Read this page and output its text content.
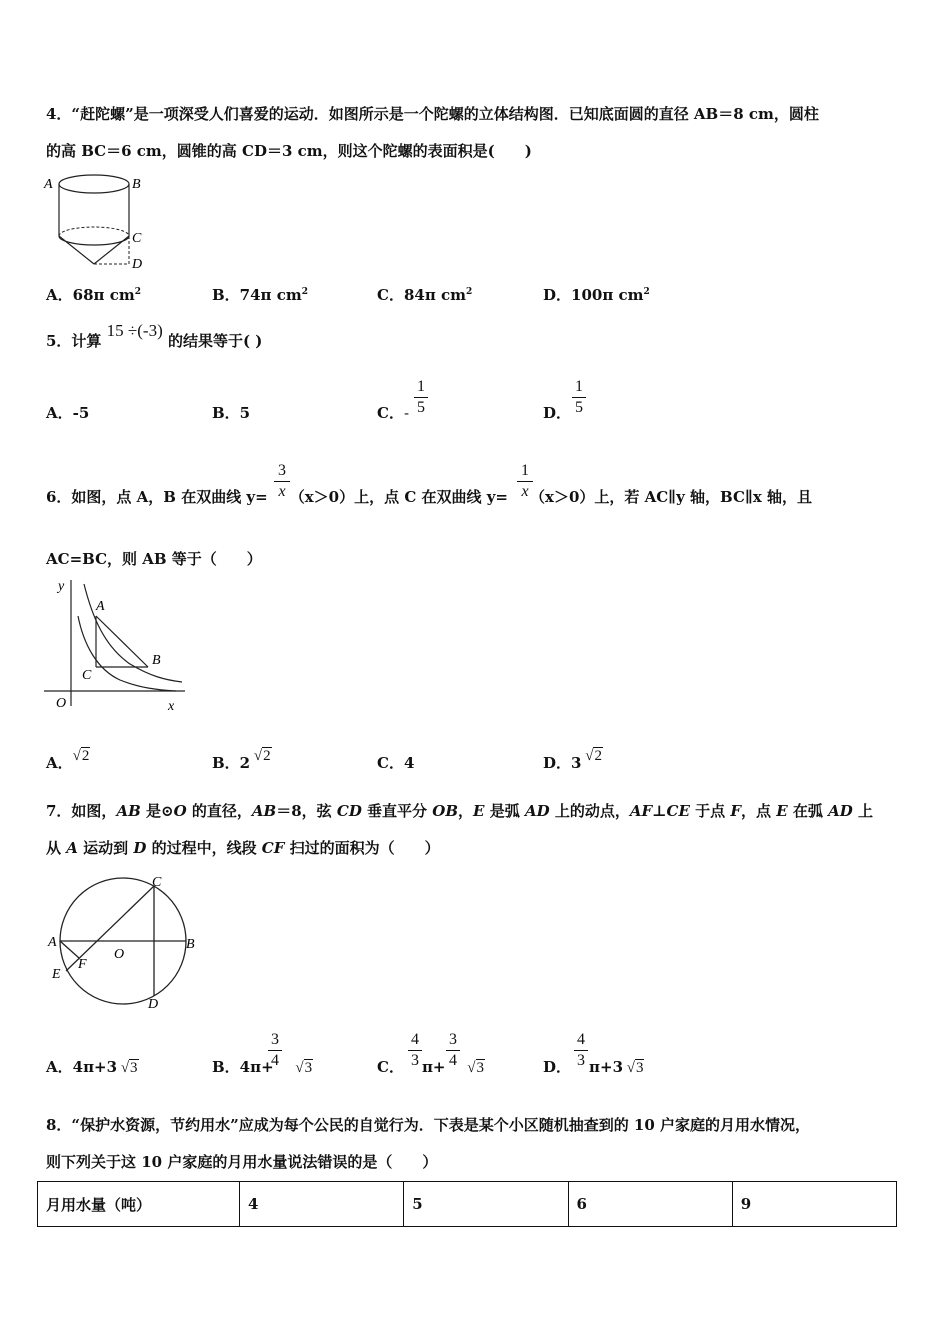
4．“赶陀螺”是一项深受人们喜爱的运动．如图所示是一个陀螺的立体结构图．已知底面圆的直径 AB＝8 cm，圆柱
的高 BC＝6 cm，圆锥的高 CD＝3 cm，则这个陀螺的表面积是(　　)
A	B
C
D
A．68π $cm^2$	B．74π $cm^2$	C．84π $cm^2$	D．100π $cm^2$
5．计算 15 ÷(-3) 的结果等于( )
A．-5	B．5	C．- $\frac{1}{5}$	D． $\frac{1}{5}$
6．如图，点 A，B 在双曲线 y= （x＞0）上，点 C 在双曲线 y= （x＞0）上，若 AC∥y 轴，BC∥x 轴，且
$\frac{3}{x}$	$\frac{1}{x}$
AC=BC，则 AB 等于（　　）
y
A
B
C
O	x
A．√2	B．2 √2	C．4	D．3 √2
7．如图，AB 是⊙O 的直径，AB＝8，弦 CD 垂直平分 OB，E 是弧 AD 上的动点，AF⊥CE 于点 F，点 E 在弧 AD 上
从 A 运动到 D 的过程中，线段 CF 扫过的面积为（　　）
C
A
O
B
E
F
D
A．4π+3 √3	B．4π+ √3
$\frac{3}{4}$	C． π+ √3
$\frac{4}{3} \frac{3}{4}$	D． π+3 √3
$\frac{4}{3}$
8．“保护水资源，节约用水”应成为每个公民的自觉行为．下表是某个小区随机抽查到的 10 户家庭的月用水情况，
则下列关于这 10 户家庭的月用水量说法错误的是（　　）
月用水量（吨）	4	5	6	9
